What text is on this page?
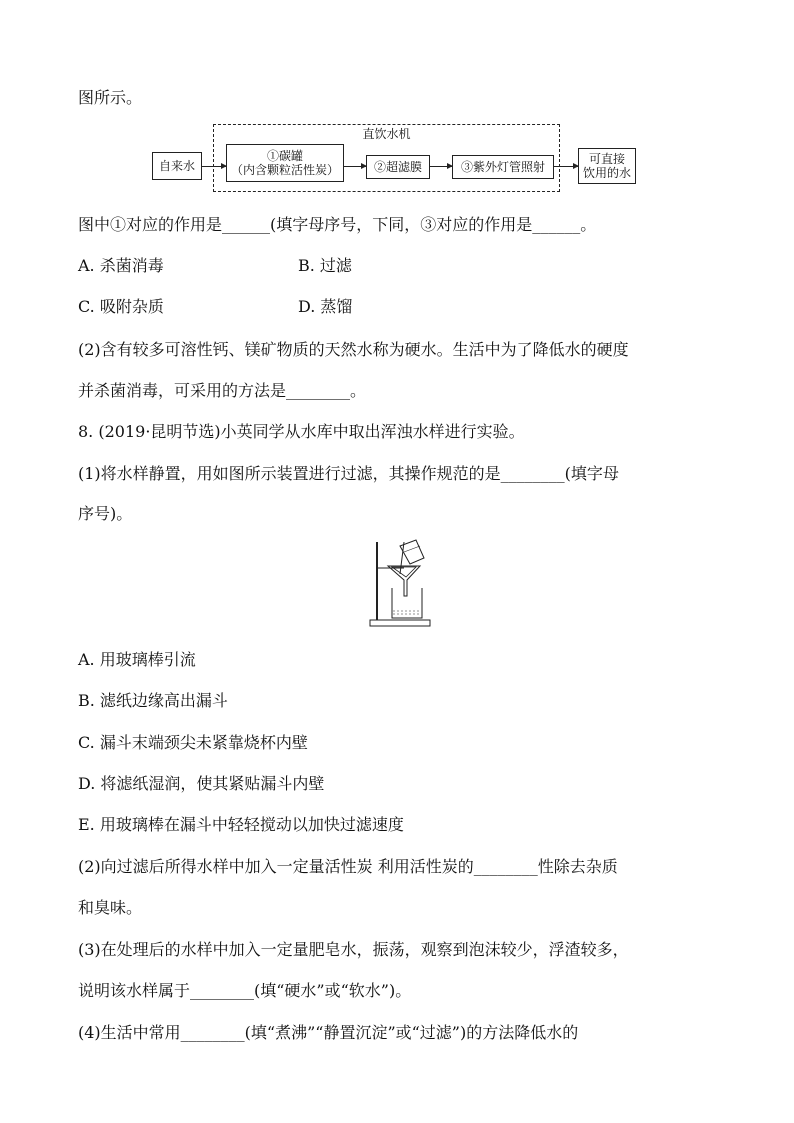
图所示。
直饮水机
自来水
①碳罐
（内含颗粒活性炭）	②超滤膜	③紫外灯管照射
可直接
饮用的水
图中①对应的作用是______(填字母序号，下同，③对应的作用是______。
A. 杀菌消毒	B. 过滤
C. 吸附杂质	D. 蒸馏
(2)含有较多可溶性钙、镁矿物质的天然水称为硬水。生活中为了降低水的硬度
并杀菌消毒，可采用的方法是________。
8. (2019·昆明节选)小英同学从水库中取出浑浊水样进行实验。
(1)将水样静置，用如图所示装置进行过滤，其操作规范的是________(填字母
序号)。
A. 用玻璃棒引流
B. 滤纸边缘高出漏斗
C. 漏斗末端颈尖未紧靠烧杯内壁
D. 将滤纸湿润，使其紧贴漏斗内壁
E. 用玻璃棒在漏斗中轻轻搅动以加快过滤速度
(2)向过滤后所得水样中加入一定量活性炭 利用活性炭的________性除去杂质
和臭味。
(3)在处理后的水样中加入一定量肥皂水，振荡，观察到泡沫较少，浮渣较多，
说明该水样属于________(填“硬水”或“软水”)。
(4)生活中常用________(填“煮沸”“静置沉淀”或“过滤”)的方法降低水的
